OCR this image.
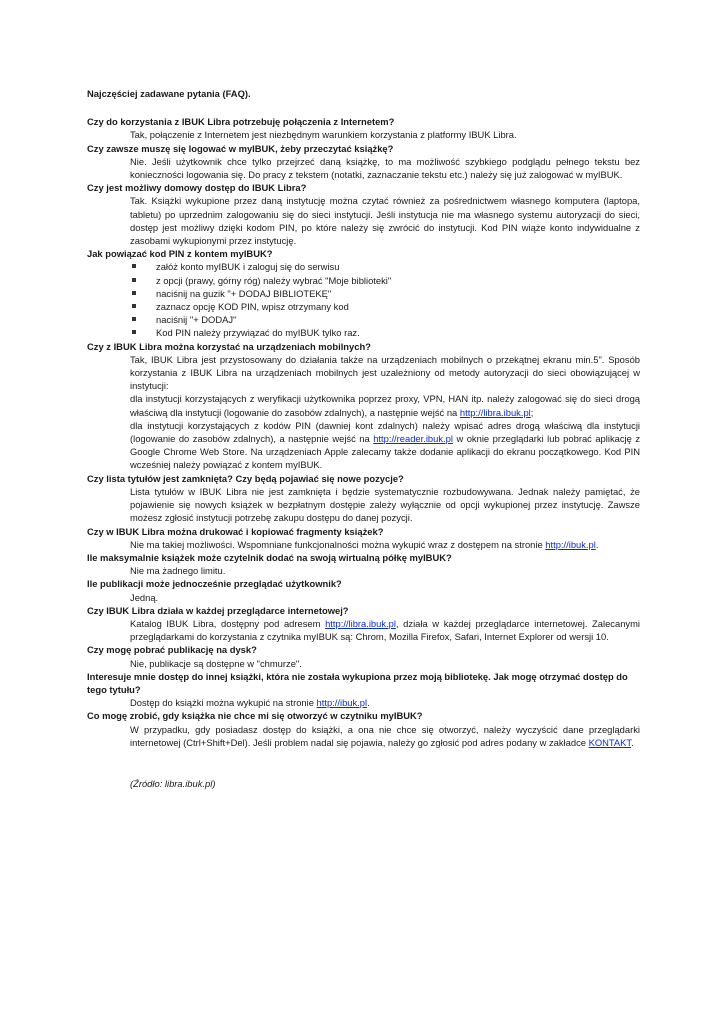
Najczęściej zadawane pytania (FAQ).

Czy do korzystania z IBUK Libra potrzebuję połączenia z Internetem?

Tak, połączenie z Internetem jest niezbędnym warunkiem korzystania z platformy IBUK Libra.

Czy zawsze muszę się logować w myIBUK, żeby przeczytać książkę?

Nie. Jeśli użytkownik chce tylko przejrzeć daną książkę, to ma możliwość szybkiego podglądu pełnego tekstu bez konieczności logowania się. Do pracy z tekstem (notatki, zaznaczanie tekstu etc.) należy się już zalogować w myIBUK.

Czy jest możliwy domowy dostęp do IBUK Libra?

Tak. Książki wykupione przez daną instytucję można czytać również za pośrednictwem własnego komputera (laptopa, tabletu) po uprzednim zalogowaniu się do sieci instytucji. Jeśli instytucja nie ma własnego systemu autoryzacji do sieci, dostęp jest możliwy dzięki kodom PIN, po które należy się zwrócić do instytucji. Kod PIN wiąże konto indywidualne z zasobami wykupionymi przez instytucję.

Jak powiązać kod PIN z kontem myIBUK?

załóż konto myIBUK i zaloguj się do serwisu
z opcji (prawy, górny róg) należy wybrać "Moje biblioteki"
naciśnij na guzik "+ DODAJ BIBLIOTEKĘ"
zaznacz opcję KOD PIN, wpisz otrzymany kod
naciśnij "+ DODAJ"
Kod PIN należy przywiązać do myIBUK tylko raz.

Czy z IBUK Libra można korzystać na urządzeniach mobilnych?

Tak, IBUK Libra jest przystosowany do działania także na urządzeniach mobilnych o przekątnej ekranu min.5". Sposób korzystania z IBUK Libra na urządzeniach mobilnych jest uzależniony od metody autoryzacji do sieci obowiązującej w instytucji:

dla instytucji korzystających z weryfikacji użytkownika poprzez proxy, VPN, HAN itp. należy zalogować się do sieci drogą właściwą dla instytucji (logowanie do zasobów zdalnych), a następnie wejść na http://libra.ibuk.pl;

dla instytucji korzystających z kodów PIN (dawniej kont zdalnych) należy wpisać adres drogą właściwą dla instytucji (logowanie do zasobów zdalnych), a następnie wejść na http://reader.ibuk.pl w oknie przeglądarki lub pobrać aplikację z Google Chrome Web Store. Na urządzeniach Apple zalecamy także dodanie aplikacji do ekranu początkowego. Kod PIN wcześniej należy powiązać z kontem myIBUK.

Czy lista tytułów jest zamknięta? Czy będą pojawiać się nowe pozycje?

Lista tytułów w IBUK Libra nie jest zamknięta i będzie systematycznie rozbudowywana. Jednak należy pamiętać, że pojawienie się nowych książek w bezpłatnym dostępie zależy wyłącznie od opcji wykupionej przez instytucję. Zawsze możesz zgłosić instytucji potrzebę zakupu dostępu do danej pozycji.

Czy w IBUK Libra można drukować i kopiować fragmenty książek?

Nie ma takiej możliwości. Wspomniane funkcjonalności można wykupić wraz z dostępem na stronie http://ibuk.pl.

Ile maksymalnie książek może czytelnik dodać na swoją wirtualną półkę myIBUK?

Nie ma żadnego limitu.

Ile publikacji może jednocześnie przeglądać użytkownik?

Jedną.

Czy IBUK Libra działa w każdej przeglądarce internetowej?

Katalog IBUK Libra, dostępny pod adresem http://libra.ibuk.pl, działa w każdej przeglądarce internetowej. Zalecanymi przeglądarkami do korzystania z czytnika myIBUK są: Chrom, Mozilla Firefox, Safari, Internet Explorer od wersji 10.

Czy mogę pobrać publikację na dysk?

Nie, publikacje są dostępne w "chmurze".

Interesuje mnie dostęp do innej książki, która nie została wykupiona przez moją bibliotekę. Jak mogę otrzymać dostęp do tego tytułu?

Dostęp do książki można wykupić na stronie http://ibuk.pl.

Co mogę zrobić, gdy książka nie chce mi się otworzyć w czytniku myIBUK?

W przypadku, gdy posiadasz dostęp do książki, a ona nie chce się otworzyć, należy wyczyścić dane przeglądarki internetowej (Ctrl+Shift+Del). Jeśli problem nadal się pojawia, należy go zgłosić pod adres podany w zakładce KONTAKT.

(Źródło: libra.ibuk.pl)
